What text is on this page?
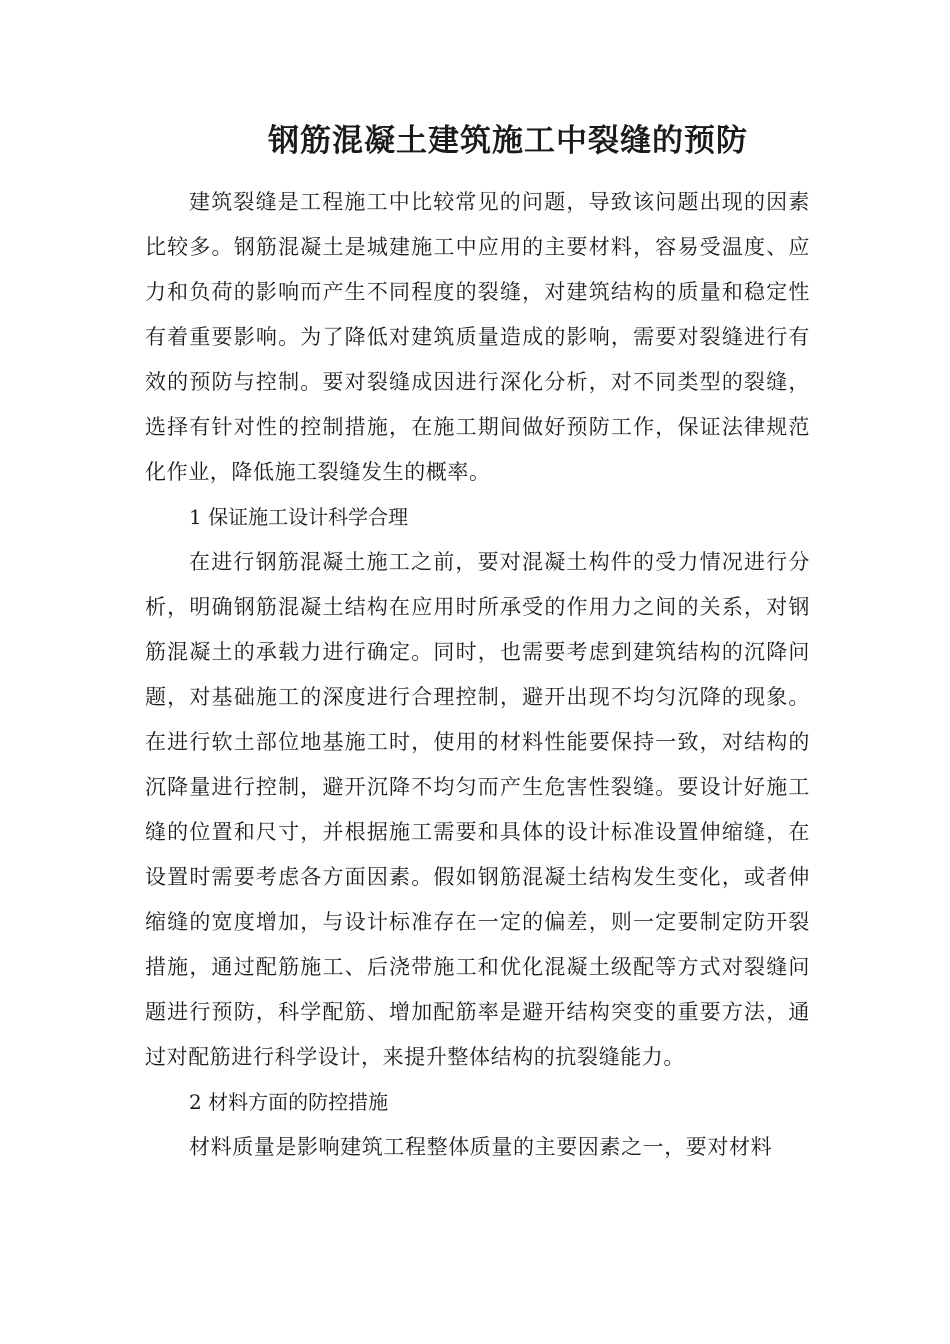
钢筋混凝土建筑施工中裂缝的预防

建筑裂缝是工程施工中比较常见的问题，导致该问题出现的因素比较多。钢筋混凝土是城建施工中应用的主要材料，容易受温度、应力和负荷的影响而产生不同程度的裂缝，对建筑结构的质量和稳定性有着重要影响。为了降低对建筑质量造成的影响，需要对裂缝进行有效的预防与控制。要对裂缝成因进行深化分析，对不同类型的裂缝，选择有针对性的控制措施，在施工期间做好预防工作，保证法律规范化作业，降低施工裂缝发生的概率。

1 保证施工设计科学合理

在进行钢筋混凝土施工之前，要对混凝土构件的受力情况进行分析，明确钢筋混凝土结构在应用时所承受的作用力之间的关系，对钢筋混凝土的承载力进行确定。同时，也需要考虑到建筑结构的沉降问题，对基础施工的深度进行合理控制，避开出现不均匀沉降的现象。在进行软土部位地基施工时，使用的材料性能要保持一致，对结构的沉降量进行控制，避开沉降不均匀而产生危害性裂缝。要设计好施工缝的位置和尺寸，并根据施工需要和具体的设计标准设置伸缩缝，在设置时需要考虑各方面因素。假如钢筋混凝土结构发生变化，或者伸缩缝的宽度增加，与设计标准存在一定的偏差，则一定要制定防开裂措施，通过配筋施工、后浇带施工和优化混凝土级配等方式对裂缝问题进行预防，科学配筋、增加配筋率是避开结构突变的重要方法，通过对配筋进行科学设计，来提升整体结构的抗裂缝能力。

2 材料方面的防控措施

材料质量是影响建筑工程整体质量的主要因素之一，要对材料
